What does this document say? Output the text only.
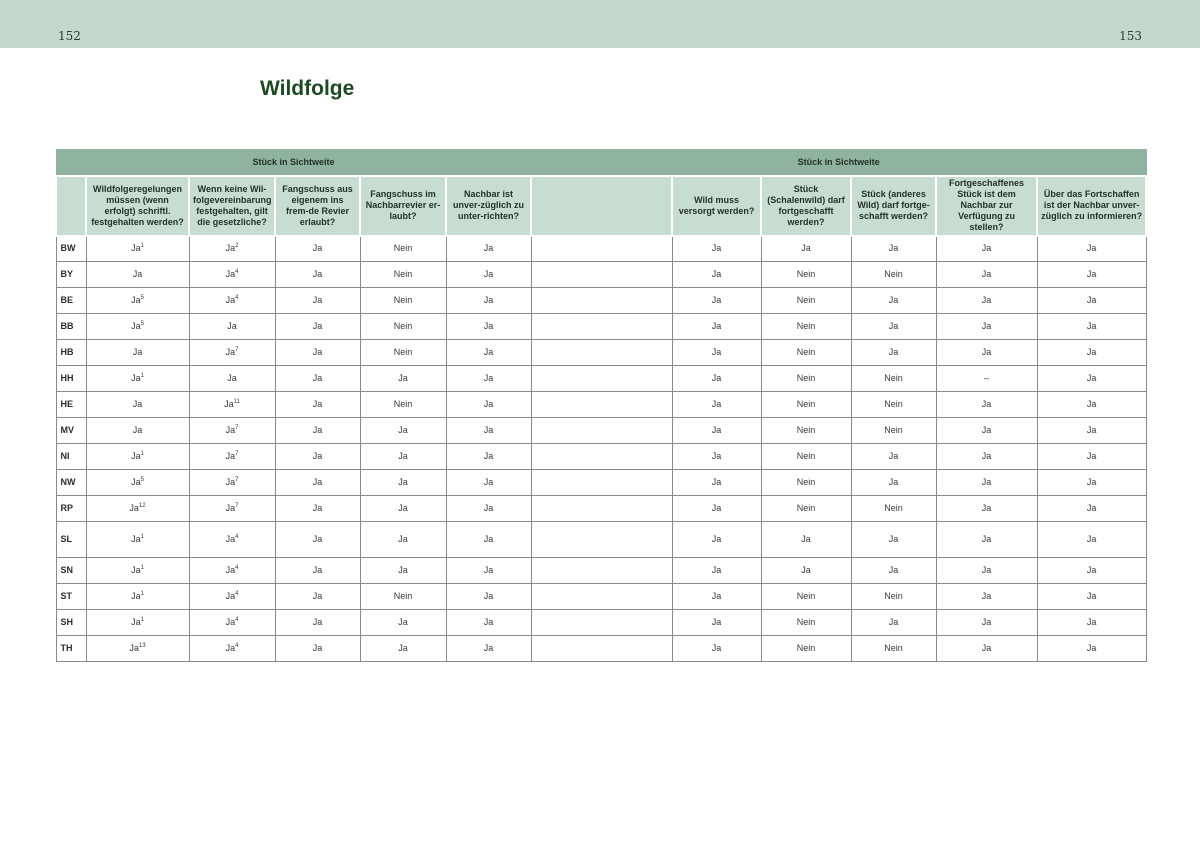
152	153
Wildfolge
Stück in Sichtweite						Stück in Sichtweite					
	Wildfolgeregelungen müssen (wenn erfolgt) schriftl. festgehalten werden?	Wenn keine Wil-folgevereinbarung festgehalten, gilt die gesetzliche?	Fangschuss aus eigenem ins frem-de Revier erlaubt?	Fangschuss im Nachbarrevier er-laubt?	Nachbar ist unver-züglich zu unter-richten?		Wild muss versorgt werden?	Stück (Schalenwild) darf fortgeschafft werden?	Stück (anderes Wild) darf fortge-schafft werden?	Fortgeschaffenes Stück ist dem Nachbar zur Verfügung zu stellen?	Über das Fortschaffen ist der Nachbar unver-züglich zu informieren?
BW	Ja$^1$	Ja$^2$	Ja	Nein	Ja		Ja	Ja	Ja	Ja	Ja
BY	Ja	Ja$^4$	Ja	Nein	Ja		Ja	Nein	Nein	Ja	Ja
BE	Ja$^5$	Ja$^4$	Ja	Nein	Ja		Ja	Nein	Ja	Ja	Ja
BB	Ja$^5$	Ja	Ja	Nein	Ja		Ja	Nein	Ja	Ja	Ja
HB	Ja	Ja$^7$	Ja	Nein	Ja		Ja	Nein	Ja	Ja	Ja
HH	Ja$^1$	Ja	Ja	Ja	Ja		Ja	Nein	Nein	–	Ja
HE	Ja	Ja$^{11}$	Ja	Nein	Ja		Ja	Nein	Nein	Ja	Ja
MV	Ja	Ja$^7$	Ja	Ja	Ja		Ja	Nein	Nein	Ja	Ja
NI	Ja$^1$	Ja$^7$	Ja	Ja	Ja		Ja	Nein	Ja	Ja	Ja
NW	Ja$^5$	Ja$^7$	Ja	Ja	Ja		Ja	Nein	Ja	Ja	Ja
RP	Ja$^{12}$	Ja$^7$	Ja	Ja	Ja		Ja	Nein	Nein	Ja	Ja
SL	Ja$^1$	Ja$^4$	Ja	Ja	Ja		Ja	Ja	Ja	Ja	Ja
SN	Ja$^1$	Ja$^4$	Ja	Ja	Ja		Ja	Ja	Ja	Ja	Ja
ST	Ja$^1$	Ja$^4$	Ja	Nein	Ja		Ja	Nein	Nein	Ja	Ja
SH	Ja$^1$	Ja$^4$	Ja	Ja	Ja		Ja	Nein	Ja	Ja	Ja
TH	Ja$^{13}$	Ja$^4$	Ja	Ja	Ja		Ja	Nein	Nein	Ja	Ja
